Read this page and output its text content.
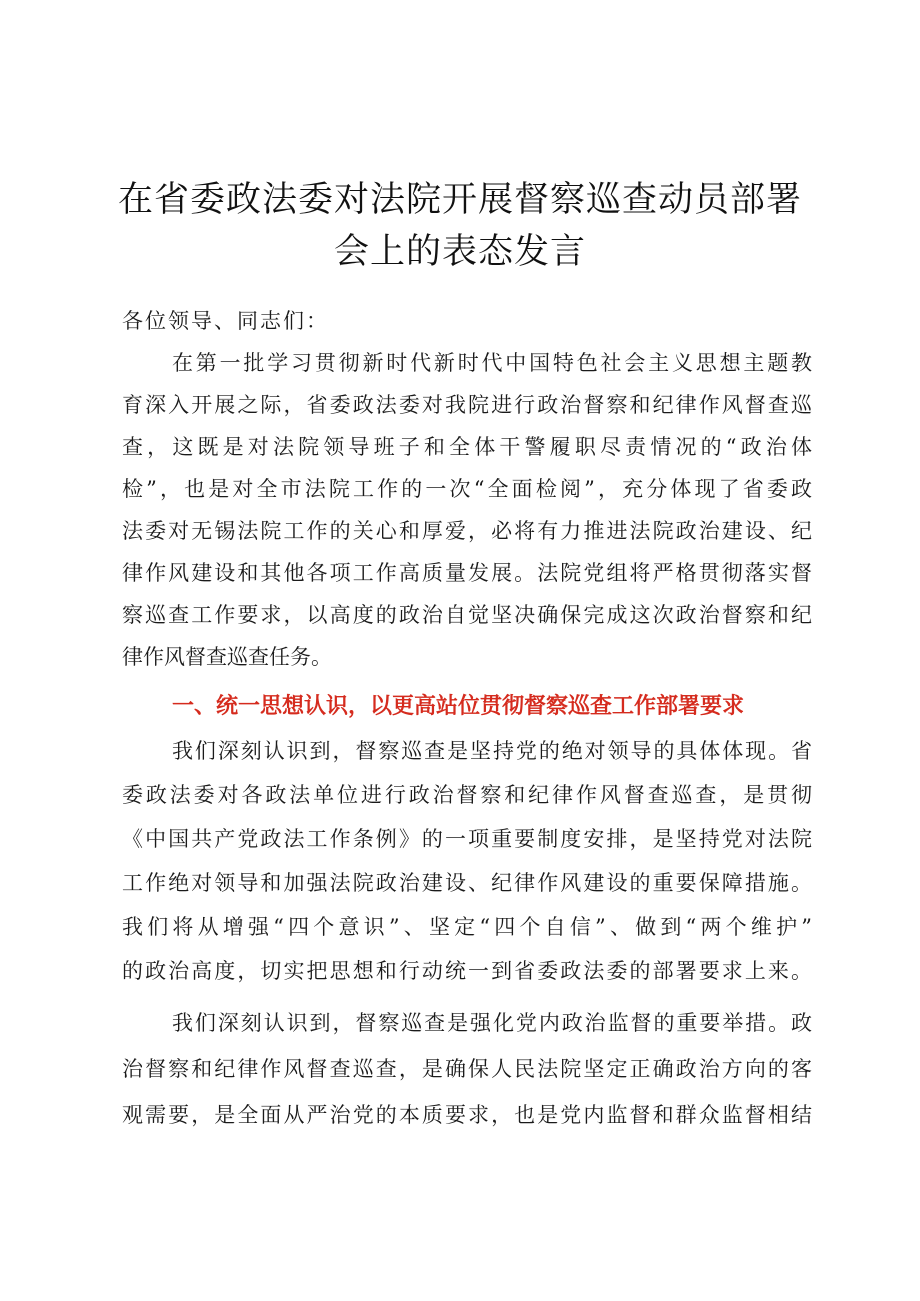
在省委政法委对法院开展督察巡查动员部署
会上的表态发言
各位领导、同志们：
在第一批学习贯彻新时代新时代中国特色社会主义思想主题教
育深入开展之际，省委政法委对我院进行政治督察和纪律作风督查巡
查，这既是对法院领导班子和全体干警履职尽责情况的“政治体
检”，也是对全市法院工作的一次“全面检阅”，充分体现了省委政
法委对无锡法院工作的关心和厚爱，必将有力推进法院政治建设、纪
律作风建设和其他各项工作高质量发展。法院党组将严格贯彻落实督
察巡查工作要求，以高度的政治自觉坚决确保完成这次政治督察和纪
律作风督查巡查任务。
一、统一思想认识，以更高站位贯彻督察巡查工作部署要求
我们深刻认识到，督察巡查是坚持党的绝对领导的具体体现。省
委政法委对各政法单位进行政治督察和纪律作风督查巡查，是贯彻
《中国共产党政法工作条例》的一项重要制度安排，是坚持党对法院
工作绝对领导和加强法院政治建设、纪律作风建设的重要保障措施。
我们将从增强“四个意识”、坚定“四个自信”、做到“两个维护”
的政治高度，切实把思想和行动统一到省委政法委的部署要求上来。
我们深刻认识到，督察巡查是强化党内政治监督的重要举措。政
治督察和纪律作风督查巡查，是确保人民法院坚定正确政治方向的客
观需要，是全面从严治党的本质要求，也是党内监督和群众监督相结
